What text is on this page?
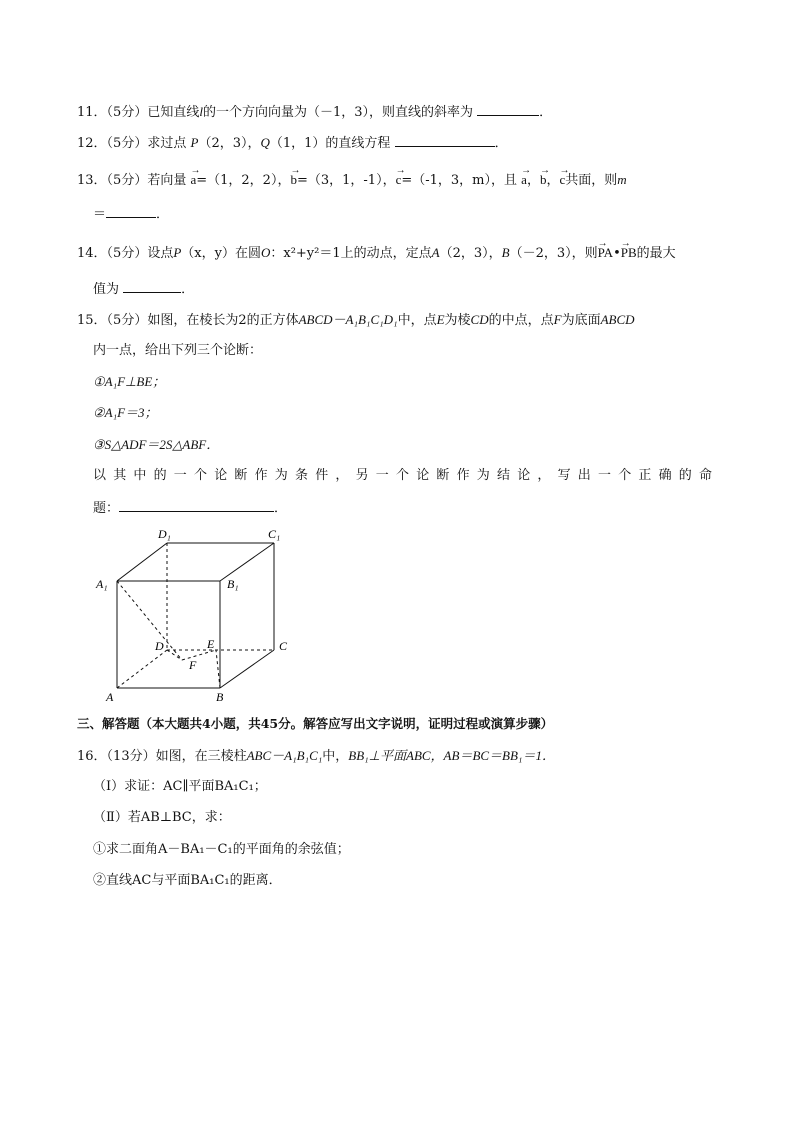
11．（5分）已知直线l的一个方向向量为（－1，3），则直线的斜率为	．
12．（5分）求过点 P（2，3），Q（1，1）的直线方程	．
13．（5分）若向量 → a=（1，2，2），→ b=（3，1，-1），→ c=（-1，3，m），且 → a，→ b，→ c共面，则m
＝	．
14．（5分）设点P（x，y）在圆O：x²+y²＝1上的动点，定点A（2，3），B（－2，3），则→ PA•→ PB的最大
值为	．
15．（5分）如图，在棱长为2的正方体ABCD－A₁B₁C₁D₁中，点E为棱CD的中点，点F为底面ABCD
内一点，给出下列三个论断：
①A₁F⊥BE；
②A₁F＝3；
③S△ADF＝2S△ABF．
以其中的一个论断作为条件，另一个论断作为结论，写出一个正确的命
题：	．
D₁	C₁
A₁	B₁
D	E	C
F
A	B
三、解答题（本大题共4小题，共45分。解答应写出文字说明，证明过程或演算步骤）
16．（13分）如图，在三棱柱ABC－A₁B₁C₁中，BB₁⊥平面ABC，AB＝BC＝BB₁＝1．
（Ⅰ）求证：AC∥平面BA₁C₁；
（Ⅱ）若AB⊥BC，求：
①求二面角A－BA₁－C₁的平面角的余弦值；
②直线AC与平面BA₁C₁的距离．
